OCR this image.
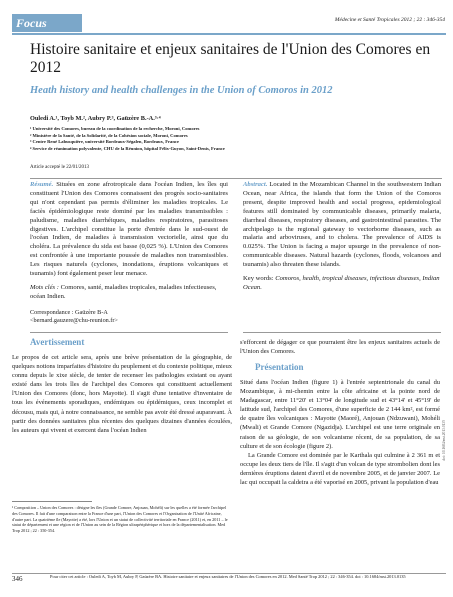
Focus	Médecine et Santé Tropicales 2012 ; 22 : 346-354
Histoire sanitaire et enjeux sanitaires de l'Union des Comores en 2012
Heath history and health challenges in the Union of Comoros in 2012
Ouledi A.¹, Toyb M.², Aubry P.³, Gaüzère B.-A.³·⁴
¹ Université des Comores, bureau de la coordination de la recherche, Moroni, Comores
² Ministère de la Santé, de la Solidarité, de la Cohésion sociale, Moroni, Comores
³ Centre René Labusquière, université Bordeaux-Ségalen, Bordeaux, France
⁴ Service de réanimation polyvalente, CHU de la Réunion, hôpital Félix-Guyon, Saint-Denis, France
Article accepté le 22/01/2013

Résumé. Situées en zone afrotropicale dans l'océan Indien, les îles qui constituent l'Union des Comores connaissent des progrès socio-sanitaires qui n'ont cependant pas permis d'éliminer les maladies tropicales. Le faciès épidémiologique reste dominé par les maladies transmissibles : paludisme, maladies diarrhéiques, maladies respiratoires, parasitoses digestives. L'archipel constitue la porte d'entrée dans le sud-ouest de l'océan Indien, de maladies à transmission vectorielle, ainsi que du choléra. La prévalence du sida est basse (0,025 %). L'Union des Comores est confrontée à une importante poussée de maladies non transmissibles. Les risques naturels (cyclones, inondations, éruptions volcaniques et tsunamis) font également peser leur menace.

Mots clés : Comores, santé, maladies tropicales, maladies infectieuses, océan Indien.

Correspondance : Gaüzère B-A
<bernard.gauzere@chu-reunion.fr>

Abstract. Located in the Mozambican Channel in the southwestern Indian Ocean, near Africa, the islands that form the Union of the Comoros present, despite improved health and social progress, epidemiological features still dominated by communicable diseases, primarily malaria, diarrheal diseases, respiratory diseases, and gastrointestinal parasites. The archipelago is the regional gateway to vectorborne diseases, such as malaria and arboviruses, and to cholera. The prevalence of AIDS is 0.025%. The Union is facing a major upsurge in the prevalence of non-communicable diseases. Natural hazards (cyclones, floods, volcanoes and tsunamis) also threaten these islands.

Key words: Comoros, health, tropical diseases, infectious diseases, Indian Ocean.

Avertissement

Le propos de cet article sera, après une brève présentation de la géographie, de quelques notions imparfaites d'histoire du peuplement et du contexte politique, mieux connu depuis le xixe siècle, de tenter de recenser les pathologies existant ou ayant existé dans les trois îles de l'archipel des Comores qui constituent actuellement l'Union des Comores (donc, hors Mayotte). Il s'agit d'une tentative d'inventaire de tous les événements sporadiques, endémiques ou épidémiques, ceux incomplet et décousu, mais qui, à notre connaissance, ne semble pas avoir été dressé auparavant. À partir des données sanitaires plus récentes des quelques dizaines d'années écoulées, les auteurs qui vivent et exercent dans l'océan Indien

¹ Composition – Union des Comores : désigne les îles (Grande Comore, Anjouan, Mohéli) sur les quelles a été formée l'archipel des Comores. Il fait d'une comparaison entre la France d'une part, l'Union des Comores et l'Organisation de l'Unité Africaine, d'autre part. La quatrième île (Mayotte) a été, lors l'Union et un statut de collectivité territoriale en France (2011) et, en 2011 – le statut de département et une région et de l'Union au sein de la Région ultrapériphérique et hors de la départementalisation. Med Trop 2012 ; 22 : 350-354.

s'efforcent de dégager ce que pourraient être les enjeux sanitaires actuels de l'Union des Comores.

Présentation

Situé dans l'océan Indien (figure 1) à l'entrée septentrionale du canal du Mozambique, à mi-chemin entre la côte africaine et la pointe nord de Madagascar, entre 11°20' et 13°04' de longitude sud et 43°14' et 45°19' de latitude sud, l'archipel des Comores, d'une superficie de 2 144 km², est formé de quatre îles volcaniques : Mayotte (Maoré), Anjouan (Ndzuwani), Mohéli (Mwali) et Grande Comore (Ngazidja). L'archipel est une terre originale en raison de sa géologie, de son volcanisme récent, de sa population, de sa culture et de son écologie (figure 2).

La Grande Comore est dominée par le Karthala qui culmine à 2 361 m et occupe les deux tiers de l'île. Il s'agit d'un volcan de type strombolien dont les dernières éruptions datent d'avril et de novembre 2005, et de janvier 2007. Le lac qui occupait la caldeira a été vaporisé en 2005, privant la population d'eau

doi: 10.1684/mst.2013.0135
346	Pour citer cet article : Ouledi A, Toyb M, Aubry P, Gaüzère BA. Histoire sanitaire et enjeux sanitaires de l'Union des Comores en 2012. Med Santé Trop 2012 ; 22 : 346-354. doi : 10.1684/mst.2013.0135
